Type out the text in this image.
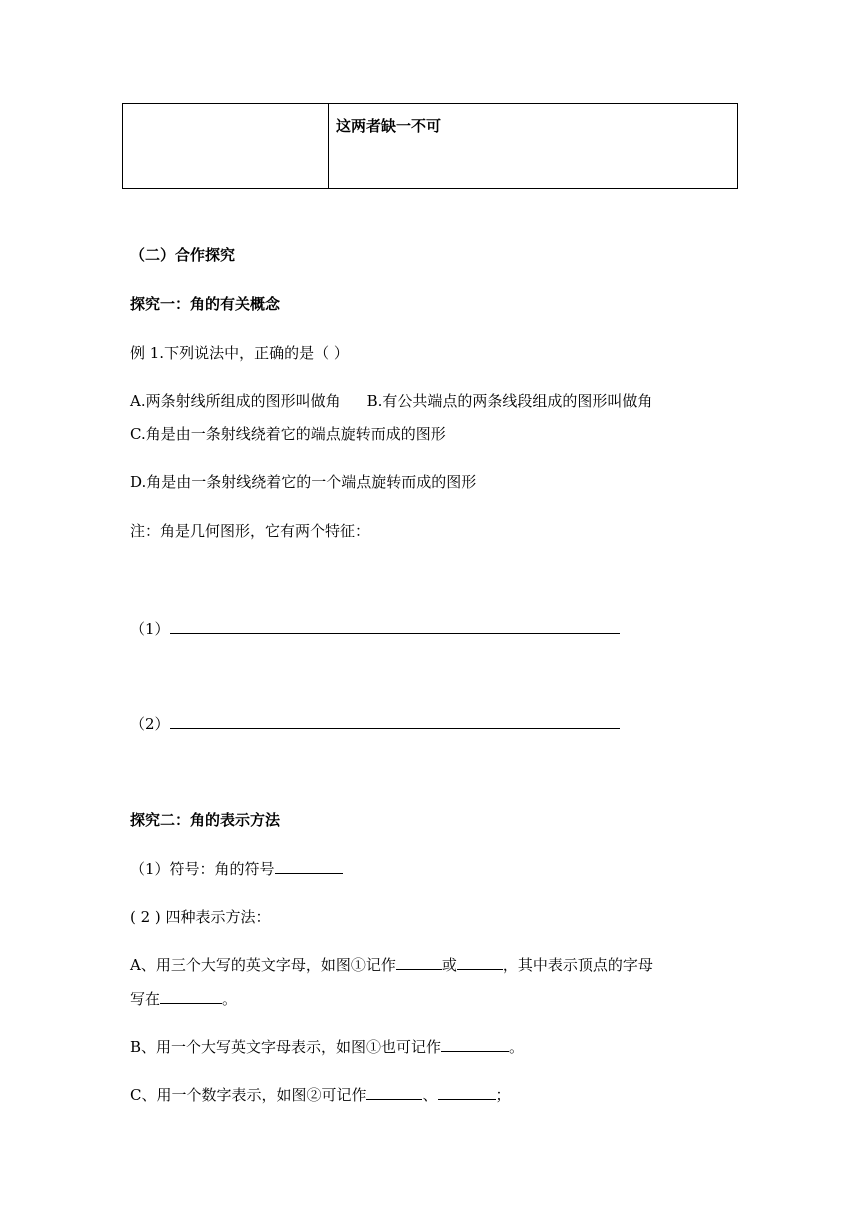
这两者缺一不可
（二）合作探究
探究一：角的有关概念
例 1.下列说法中，正确的是（ ）
A.两条射线所组成的图形叫做角 B.有公共端点的两条线段组成的图形叫做角
C.角是由一条射线绕着它的端点旋转而成的图形
D.角是由一条射线绕着它的一个端点旋转而成的图形
注：角是几何图形，它有两个特征：
（1）
（2）
探究二：角的表示方法
（1）符号：角的符号
( 2 ) 四种表示方法：
A、用三个大写的英文字母，如图①记作	或	，其中表示顶点的字母
写在	。
B、用一个大写英文字母表示，如图①也可记作	。
C、用一个数字表示，如图②可记作	、	；
